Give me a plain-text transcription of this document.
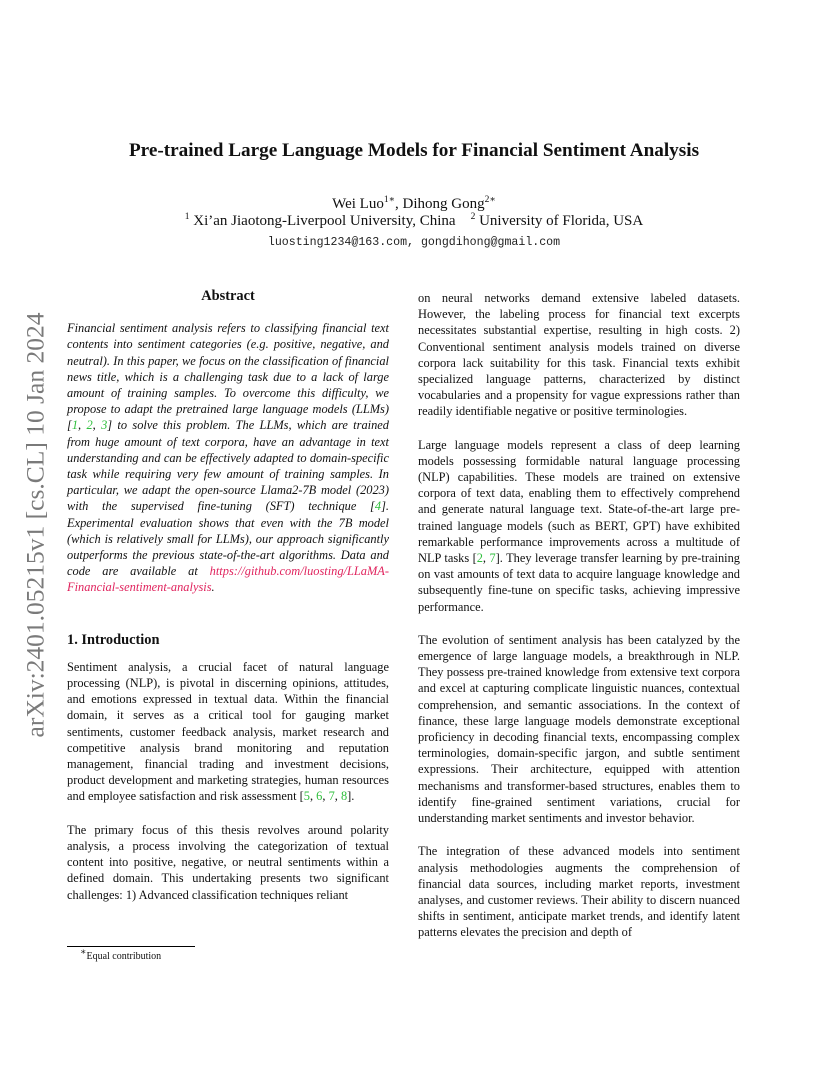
arXiv:2401.05215v1 [cs.CL] 10 Jan 2024
Pre-trained Large Language Models for Financial Sentiment Analysis
Wei Luo$^{1∗}$, Dihong Gong$^{2∗}$
$^1$ Xi’an Jiaotong-Liverpool University, China $^2$ University of Florida, USA
luosting1234@163.com, gongdihong@gmail.com
Abstract

Financial sentiment analysis refers to classifying financial text contents into sentiment categories (e.g. positive, negative, and neutral). In this paper, we focus on the classification of financial news title, which is a challenging task due to a lack of large amount of training samples. To overcome this difficulty, we propose to adapt the pretrained large language models (LLMs) [1, 2, 3] to solve this problem. The LLMs, which are trained from huge amount of text corpora, have an advantage in text understanding and can be effectively adapted to domain-specific task while requiring very few amount of training samples. In particular, we adapt the open-source Llama2-7B model (2023) with the supervised fine-tuning (SFT) technique [4]. Experimental evaluation shows that even with the 7B model (which is relatively small for LLMs), our approach significantly outperforms the previous state-of-the-art algorithms. Data and code are available at https://github.com/luosting/LLaMA-Financial-sentiment-analysis.

1. Introduction

Sentiment analysis, a crucial facet of natural language processing (NLP), is pivotal in discerning opinions, attitudes, and emotions expressed in textual data. Within the financial domain, it serves as a critical tool for gauging market sentiments, customer feedback analysis, market research and competitive analysis brand monitoring and reputation management, financial trading and investment decisions, product development and marketing strategies, human resources and employee satisfaction and risk assessment [5, 6, 7, 8].

The primary focus of this thesis revolves around polarity analysis, a process involving the categorization of textual content into positive, negative, or neutral sentiments within a defined domain. This undertaking presents two significant challenges: 1) Advanced classification techniques reliant

on neural networks demand extensive labeled datasets. However, the labeling process for financial text excerpts necessitates substantial expertise, resulting in high costs. 2) Conventional sentiment analysis models trained on diverse corpora lack suitability for this task. Financial texts exhibit specialized language patterns, characterized by distinct vocabularies and a propensity for vague expressions rather than readily identifiable negative or positive terminologies.

Large language models represent a class of deep learning models possessing formidable natural language processing (NLP) capabilities. These models are trained on extensive corpora of text data, enabling them to effectively comprehend and generate natural language text. State-of-the-art large pre-trained language models (such as BERT, GPT) have exhibited remarkable performance improvements across a multitude of NLP tasks [2, 7]. They leverage transfer learning by pre-training on vast amounts of text data to acquire language knowledge and subsequently fine-tune on specific tasks, achieving impressive performance.

The evolution of sentiment analysis has been catalyzed by the emergence of large language models, a breakthrough in NLP. They possess pre-trained knowledge from extensive text corpora and excel at capturing complicate linguistic nuances, contextual comprehension, and semantic associations. In the context of finance, these large language models demonstrate exceptional proficiency in decoding financial texts, encompassing complex terminologies, domain-specific jargon, and subtle sentiment expressions. Their architecture, equipped with attention mechanisms and transformer-based structures, enables them to identify fine-grained sentiment variations, crucial for understanding market sentiments and investor behavior.

The integration of these advanced models into sentiment analysis methodologies augments the comprehension of financial data sources, including market reports, investment analyses, and customer reviews. Their ability to discern nuanced shifts in sentiment, anticipate market trends, and identify latent patterns elevates the precision and depth of

∗Equal contribution
